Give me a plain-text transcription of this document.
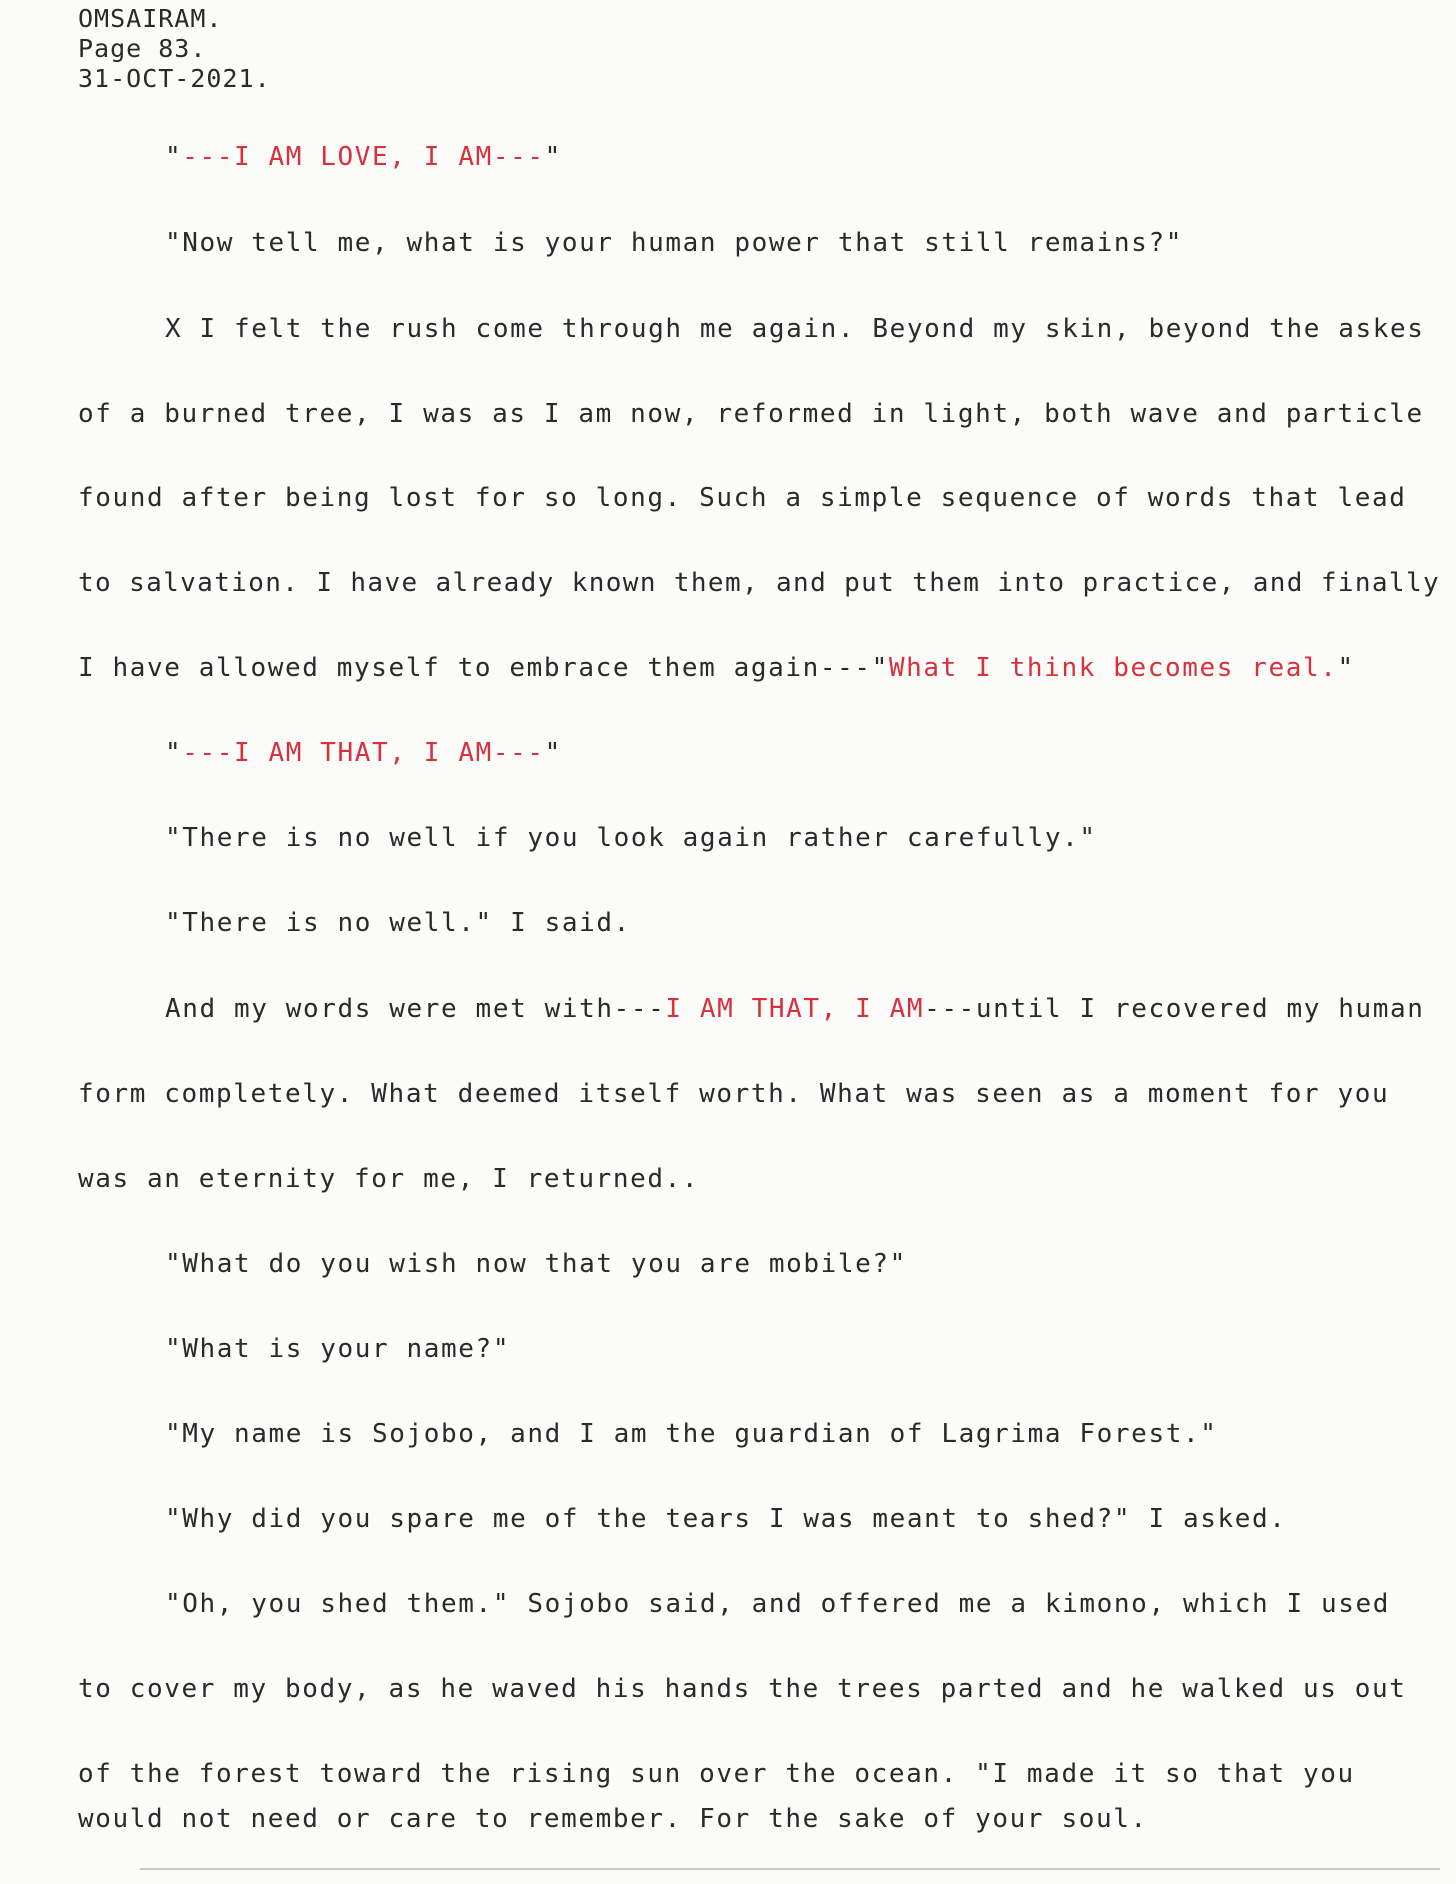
OMSAIRAM.
Page 83.
31-OCT-2021.
"---I AM LOVE, I AM---"
"Now tell me, what is your human power that still remains?"
X I felt the rush come through me again. Beyond my skin, beyond the askes
of a burned tree, I was as I am now, reformed in light, both wave and particle
found after being lost for so long. Such a simple sequence of words that lead
to salvation. I have already known them, and put them into practice, and finally
I have allowed myself to embrace them again---"What I think becomes real."
"---I AM THAT, I AM---"
"There is no well if you look again rather carefully."
"There is no well." I said.
And my words were met with---I AM THAT, I AM---until I recovered my human
form completely. What deemed itself worth. What was seen as a moment for you
was an eternity for me, I returned..
"What do you wish now that you are mobile?"
"What is your name?"
"My name is Sojobo, and I am the guardian of Lagrima Forest."
"Why did you spare me of the tears I was meant to shed?" I asked.
"Oh, you shed them." Sojobo said, and offered me a kimono, which I used
to cover my body, as he waved his hands the trees parted and he walked us out
of the forest toward the rising sun over the ocean. "I made it so that you
would not need or care to remember. For the sake of your soul.
